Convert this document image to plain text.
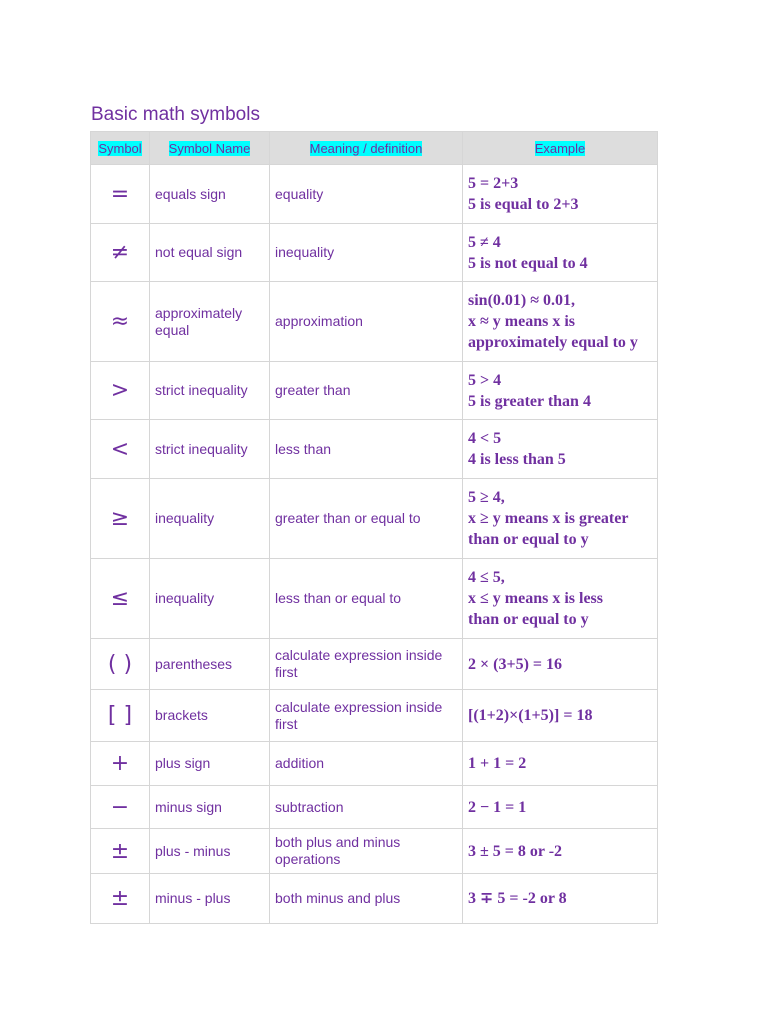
Basic math symbols
Symbol	Symbol Name	Meaning / definition	Example
=	equals sign	equality	5 = 2+3
5 is equal to 2+3

≠	not equal sign	inequality	5 ≠ 4
5 is not equal to 4

≈	approximately equal	approximation	sin(0.01) ≈ 0.01,
x ≈ y means x is
approximately equal to y

>	strict inequality	greater than	5 > 4
5 is greater than 4

<	strict inequality	less than	4 < 5
4 is less than 5

≥	inequality	greater than or equal to	5 ≥ 4,
x ≥ y means x is greater
than or equal to y

≤	inequality	less than or equal to	4 ≤ 5,
x ≤ y means x is less
than or equal to y

( )	parentheses	calculate expression inside first	2 × (3+5) = 16

[ ]	brackets	calculate expression inside first	[(1+2)×(1+5)] = 18

+	plus sign	addition	1 + 1 = 2

−	minus sign	subtraction	2 − 1 = 1

±	plus - minus	both plus and minus operations	3 ± 5 = 8 or -2

±	minus - plus	both minus and plus	3 ∓ 5 = -2 or 8
